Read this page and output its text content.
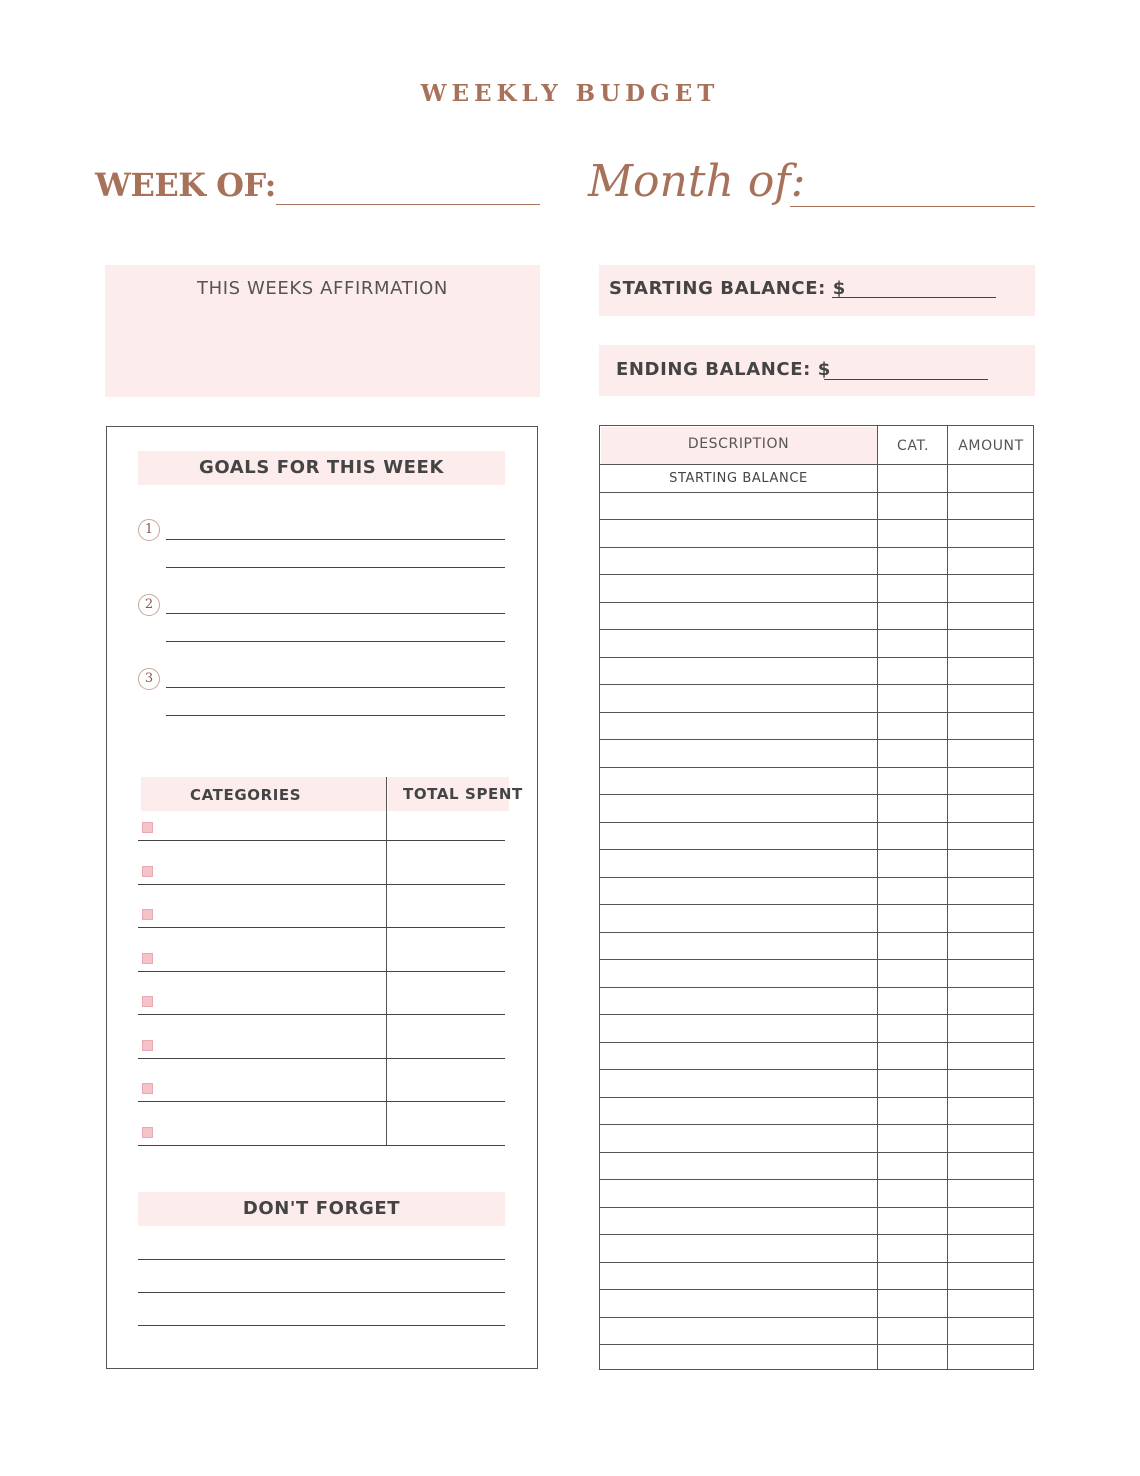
WEEKLY BUDGET
WEEK OF:	Month of:
THIS WEEKS AFFIRMATION	STARTING BALANCE: $
ENDING BALANCE: $
GOALS FOR THIS WEEK
1
2
3
CATEGORIES	TOTAL SPENT
DON'T FORGET
DESCRIPTION	CAT.	AMOUNT
STARTING BALANCE
